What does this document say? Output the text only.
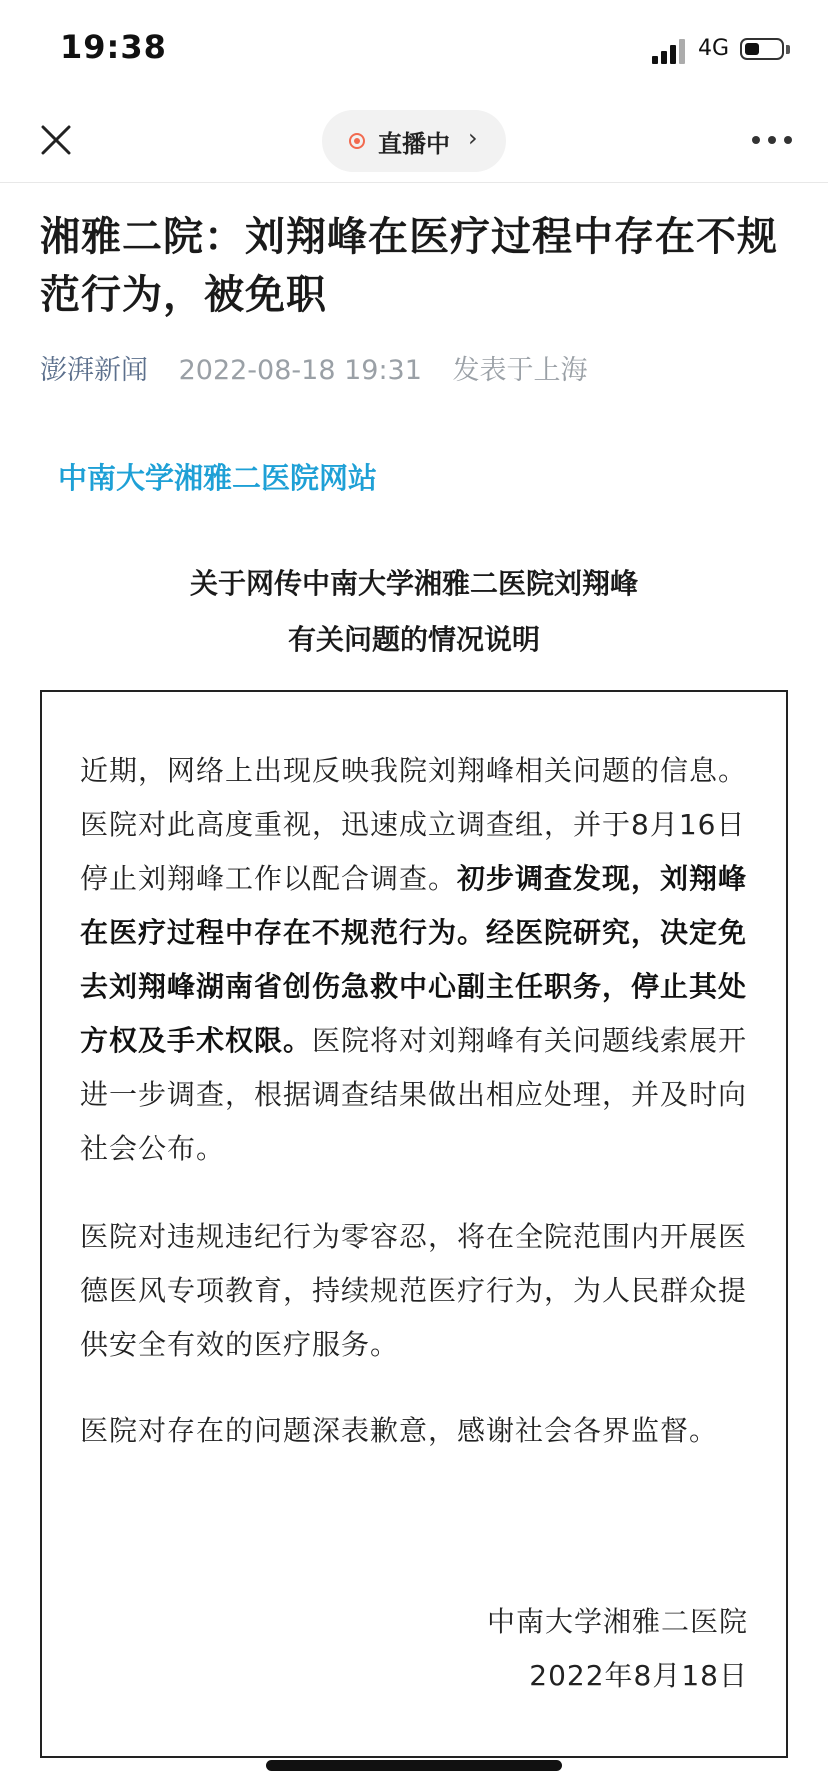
19:38	4G
直播中 ›
湘雅二院：刘翔峰在医疗过程中存在不规范行为，被免职
澎湃新闻 2022-08-18 19:31 发表于上海
中南大学湘雅二医院网站
关于网传中南大学湘雅二医院刘翔峰
有关问题的情况说明

近期，网络上出现反映我院刘翔峰相关问题的信息。医院对此高度重视，迅速成立调查组，并于8月16日停止刘翔峰工作以配合调查。初步调查发现，刘翔峰在医疗过程中存在不规范行为。经医院研究，决定免去刘翔峰湖南省创伤急救中心副主任职务，停止其处方权及手术权限。医院将对刘翔峰有关问题线索展开进一步调查，根据调查结果做出相应处理，并及时向社会公布。

医院对违规违纪行为零容忍，将在全院范围内开展医德医风专项教育，持续规范医疗行为，为人民群众提供安全有效的医疗服务。

医院对存在的问题深表歉意，感谢社会各界监督。

中南大学湘雅二医院
2022年8月18日
